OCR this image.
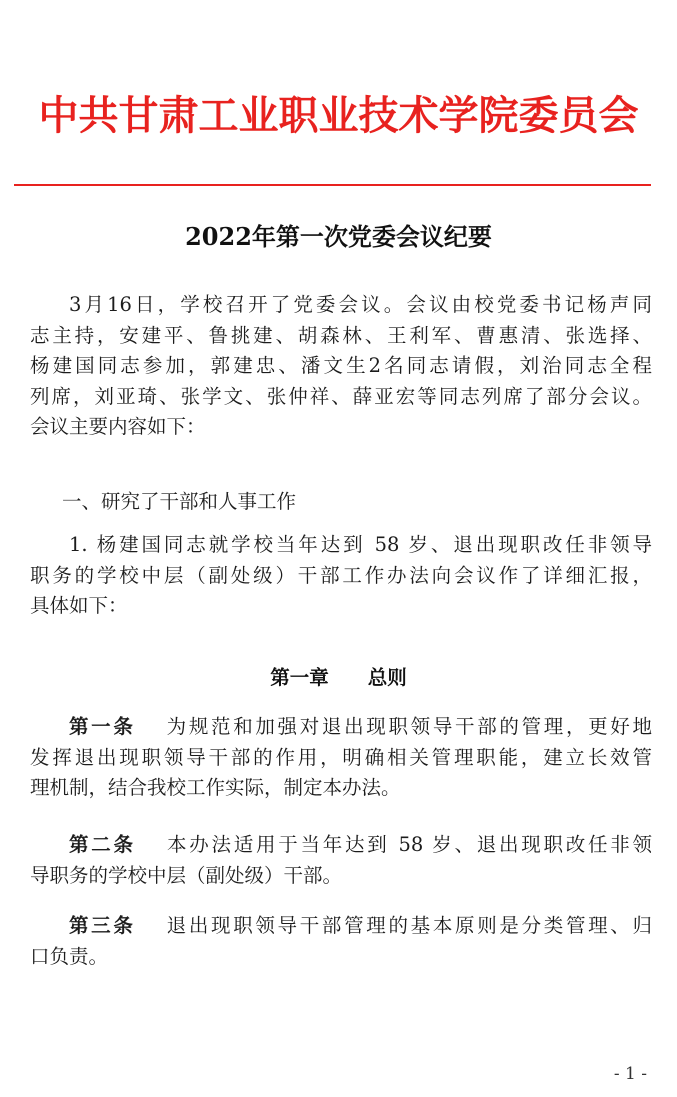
中共甘肃工业职业技术学院委员会
2022年第一次党委会议纪要

3月16日，学校召开了党委会议。会议由校党委书记杨声同
志主持，安建平、鲁挑建、胡森林、王利军、曹惠清、张选择、
杨建国同志参加，郭建忠、潘文生2名同志请假，刘治同志全程
列席，刘亚琦、张学文、张仲祥、薛亚宏等同志列席了部分会议。
会议主要内容如下：

一、研究了干部和人事工作

1. 杨建国同志就学校当年达到 58 岁、退出现职改任非领导
职务的学校中层（副处级）干部工作办法向会议作了详细汇报，
具体如下：

第一章　　总则

第一条　 为规范和加强对退出现职领导干部的管理，更好地
发挥退出现职领导干部的作用，明确相关管理职能，建立长效管
理机制，结合我校工作实际，制定本办法。

第二条　 本办法适用于当年达到 58 岁、退出现职改任非领
导职务的学校中层（副处级）干部。

第三条　 退出现职领导干部管理的基本原则是分类管理、归
口负责。

- 1 -
